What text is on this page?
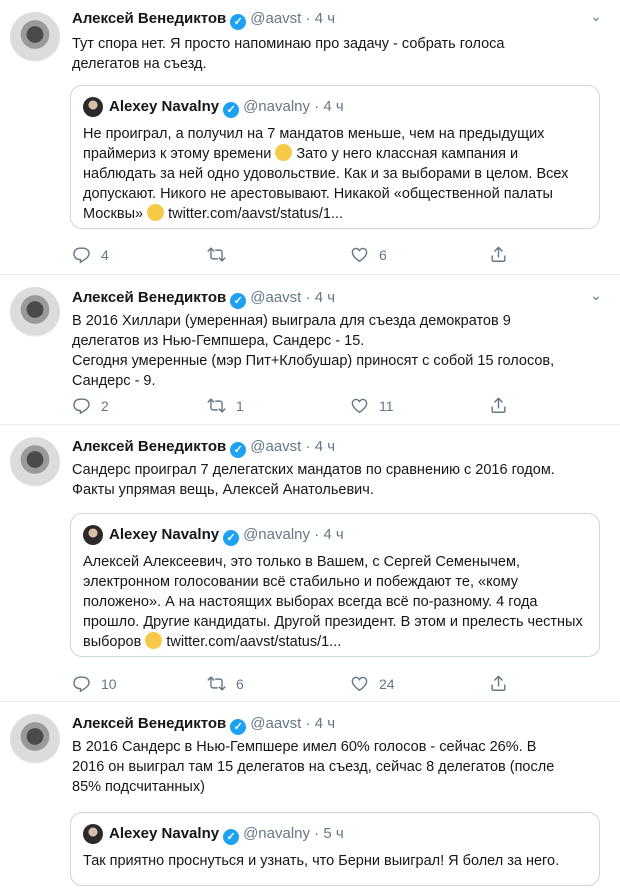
Алексей Венедиктов ✓ @aavst · 4 ч	⌄
Тут спора нет. Я просто напоминаю про задачу - собрать голоса делегатов на съезд.
Alexey Navalny ✓ @navalny · 4 ч
Не проиграл, а получил на 7 мандатов меньше, чем на предыдущих праймериз к этому времени Зато у него классная кампания и наблюдать за ней одно удовольствие. Как и за выборами в целом. Всех допускают. Никого не арестовывают. Никакой «общественной палаты Москвы» twitter.com/aavst/status/1...
4	6
Алексей Венедиктов ✓ @aavst · 4 ч	⌄
В 2016 Хиллари (умеренная) выиграла для съезда демократов 9 делегатов из Нью-Гемпшера, Сандерс - 15.
Сегодня умеренные (мэр Пит+Клобушар) приносят с собой 15 голосов, Сандерс - 9.
2	1	11
Алексей Венедиктов ✓ @aavst · 4 ч
Сандерс проиграл 7 делегатских мандатов по сравнению с 2016 годом. Факты упрямая вещь, Алексей Анатольевич.
Alexey Navalny ✓ @navalny · 4 ч
Алексей Алексеевич, это только в Вашем, с Сергей Семенычем, электронном голосовании всё стабильно и побеждают те, «кому положено». А на настоящих выборах всегда всё по-разному. 4 года прошло. Другие кандидаты. Другой президент. В этом и прелесть честных выборов twitter.com/aavst/status/1...
10	6	24
Алексей Венедиктов ✓ @aavst · 4 ч
В 2016 Сандерс в Нью-Гемпшере имел 60% голосов - сейчас 26%. В 2016 он выиграл там 15 делегатов на съезд, сейчас 8 делегатов (после 85% подсчитанных)
Alexey Navalny ✓ @navalny · 5 ч
Так приятно проснуться и узнать, что Берни выиграл! Я болел за него.
